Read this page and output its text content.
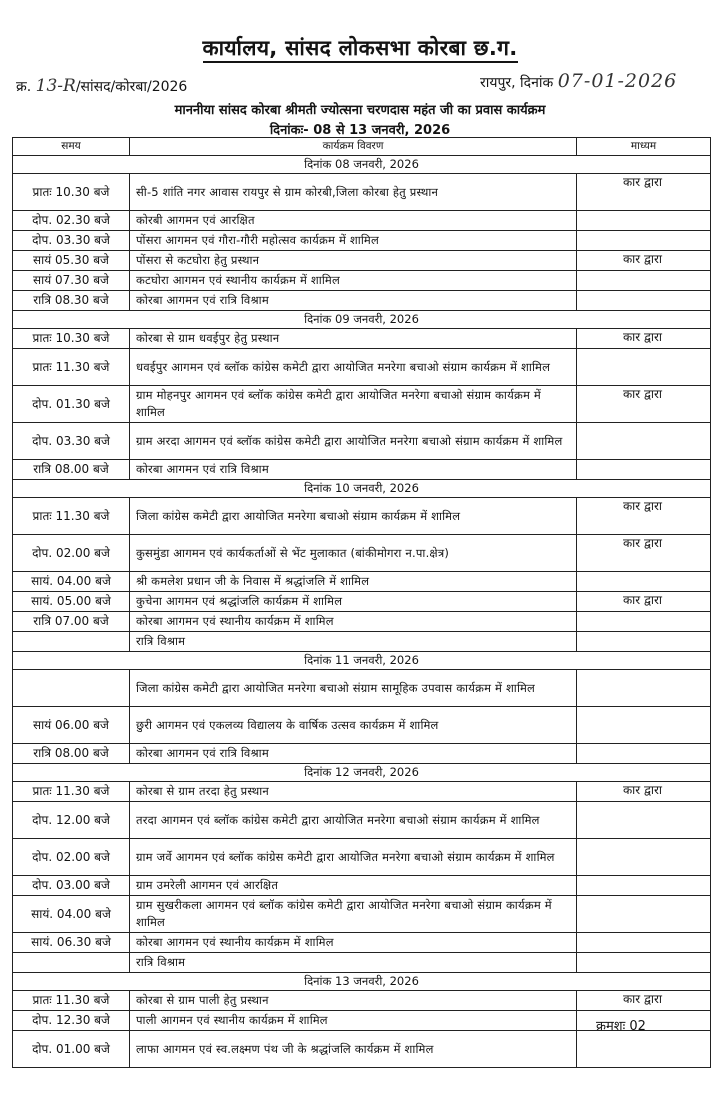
कार्यालय, सांसद लोकसभा कोरबा छ.ग.
क्र. 13-R/सांसद/कोरबा/2026	रायपुर, दिनांक 07-01-2026
माननीया सांसद कोरबा श्रीमती ज्योत्सना चरणदास महंत जी का प्रवास कार्यक्रम
दिनांकः- 08 से 13 जनवरी, 2026
समय	कार्यक्रम विवरण	माध्यम
दिनांक 08 जनवरी, 2026		
प्रातः 10.30 बजे	सी-5 शांति नगर आवास रायपुर से ग्राम कोरबी,जिला कोरबा हेतु प्रस्थान	कार द्वारा
दोप. 02.30 बजे	कोरबी आगमन एवं आरक्षित	
दोप. 03.30 बजे	पोंसरा आगमन एवं गौरा-गौरी महोत्सव कार्यक्रम में शामिल	
सायं 05.30 बजे	पोंसरा से कटघोरा हेतु प्रस्थान	कार द्वारा
सायं 07.30 बजे	कटघोरा आगमन एवं स्थानीय कार्यक्रम में शामिल	
रात्रि 08.30 बजे	कोरबा आगमन एवं रात्रि विश्राम	
दिनांक 09 जनवरी, 2026		
प्रातः 10.30 बजे	कोरबा से ग्राम धवईपुर हेतु प्रस्थान	कार द्वारा
प्रातः 11.30 बजे	धवईपुर आगमन एवं ब्लॉक कांग्रेस कमेटी द्वारा आयोजित मनरेगा बचाओ संग्राम कार्यक्रम में शामिल	
दोप. 01.30 बजे	ग्राम मोहनपुर आगमन एवं ब्लॉक कांग्रेस कमेटी द्वारा आयोजित मनरेगा बचाओ संग्राम कार्यक्रम में शामिल	कार द्वारा
दोप. 03.30 बजे	ग्राम अरदा आगमन एवं ब्लॉक कांग्रेस कमेटी द्वारा आयोजित मनरेगा बचाओ संग्राम कार्यक्रम में शामिल	
रात्रि 08.00 बजे	कोरबा आगमन एवं रात्रि विश्राम	
दिनांक 10 जनवरी, 2026		
प्रातः 11.30 बजे	जिला कांग्रेस कमेटी द्वारा आयोजित मनरेगा बचाओ संग्राम कार्यक्रम में शामिल	कार द्वारा
दोप. 02.00 बजे	कुसमुंडा आगमन एवं कार्यकर्ताओं से भेंट मुलाकात (बांकीमोगरा न.पा.क्षेत्र)	कार द्वारा
सायं. 04.00 बजे	श्री कमलेश प्रधान जी के निवास में श्रद्धांजलि में शामिल	
सायं. 05.00 बजे	कुचेना आगमन एवं श्रद्धांजलि कार्यक्रम में शामिल	कार द्वारा
रात्रि 07.00 बजे	कोरबा आगमन एवं स्थानीय कार्यक्रम में शामिल	
	रात्रि विश्राम	
दिनांक 11 जनवरी, 2026		
	जिला कांग्रेस कमेटी द्वारा आयोजित मनरेगा बचाओ संग्राम सामूहिक उपवास कार्यक्रम में शामिल	
सायं 06.00 बजे	छुरी आगमन एवं एकलव्य विद्यालय के वार्षिक उत्सव कार्यक्रम में शामिल	
रात्रि 08.00 बजे	कोरबा आगमन एवं रात्रि विश्राम	
दिनांक 12 जनवरी, 2026		
प्रातः 11.30 बजे	कोरबा से ग्राम तरदा हेतु प्रस्थान	कार द्वारा
दोप. 12.00 बजे	तरदा आगमन एवं ब्लॉक कांग्रेस कमेटी द्वारा आयोजित मनरेगा बचाओ संग्राम कार्यक्रम में शामिल	
दोप. 02.00 बजे	ग्राम जर्वे आगमन एवं ब्लॉक कांग्रेस कमेटी द्वारा आयोजित मनरेगा बचाओ संग्राम कार्यक्रम में शामिल	
दोप. 03.00 बजे	ग्राम उमरेली आगमन एवं आरक्षित	
सायं. 04.00 बजे	ग्राम सुखरीकला आगमन एवं ब्लॉक कांग्रेस कमेटी द्वारा आयोजित मनरेगा बचाओ संग्राम कार्यक्रम में शामिल	
सायं. 06.30 बजे	कोरबा आगमन एवं स्थानीय कार्यक्रम में शामिल	
	रात्रि विश्राम	
दिनांक 13 जनवरी, 2026		
प्रातः 11.30 बजे	कोरबा से ग्राम पाली हेतु प्रस्थान	कार द्वारा
दोप. 12.30 बजे	पाली आगमन एवं स्थानीय कार्यक्रम में शामिल	
दोप. 01.00 बजे	लाफा आगमन एवं स्व.लक्ष्मण पंथ जी के श्रद्धांजलि कार्यक्रम में शामिल	
क्रमशः 02
